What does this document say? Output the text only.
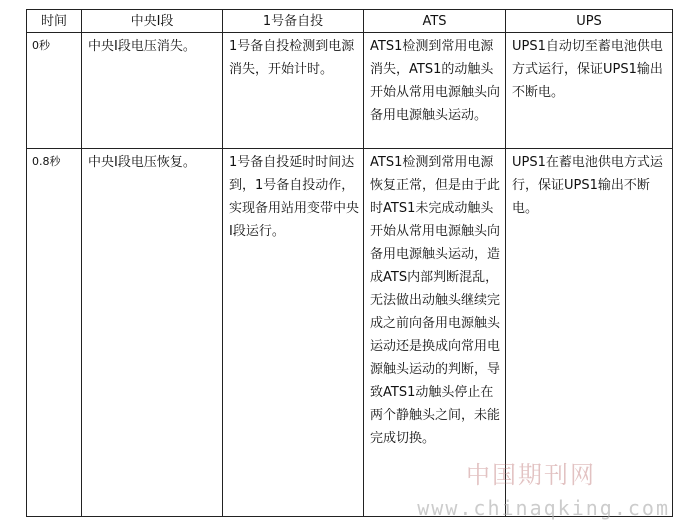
时间	中央Ⅰ段	1号备自投	ATS	UPS

0秒	中央Ⅰ段电压消失。	1号备自投检测到电源消失，开始计时。	ATS1检测到常用电源消失，ATS1的动触头开始从常用电源触头向备用电源触头运动。	UPS1自动切至蓄电池供电方式运行，保证UPS1输出不断电。

0.8秒	中央Ⅰ段电压恢复。	1号备自投延时时间达到，1号备自投动作，实现备用站用变带中央Ⅰ段运行。	ATS1检测到常用电源恢复正常，但是由于此时ATS1未完成动触头开始从常用电源触头向备用电源触头运动，造成ATS内部判断混乱，无法做出动触头继续完成之前向备用电源触头运动还是换成向常用电源触头运动的判断，导致ATS1动触头停止在两个静触头之间，未能完成切换。	UPS1在蓄电池供电方式运行，保证UPS1输出不断电。
中国期刊网
www.chinaqking.com
